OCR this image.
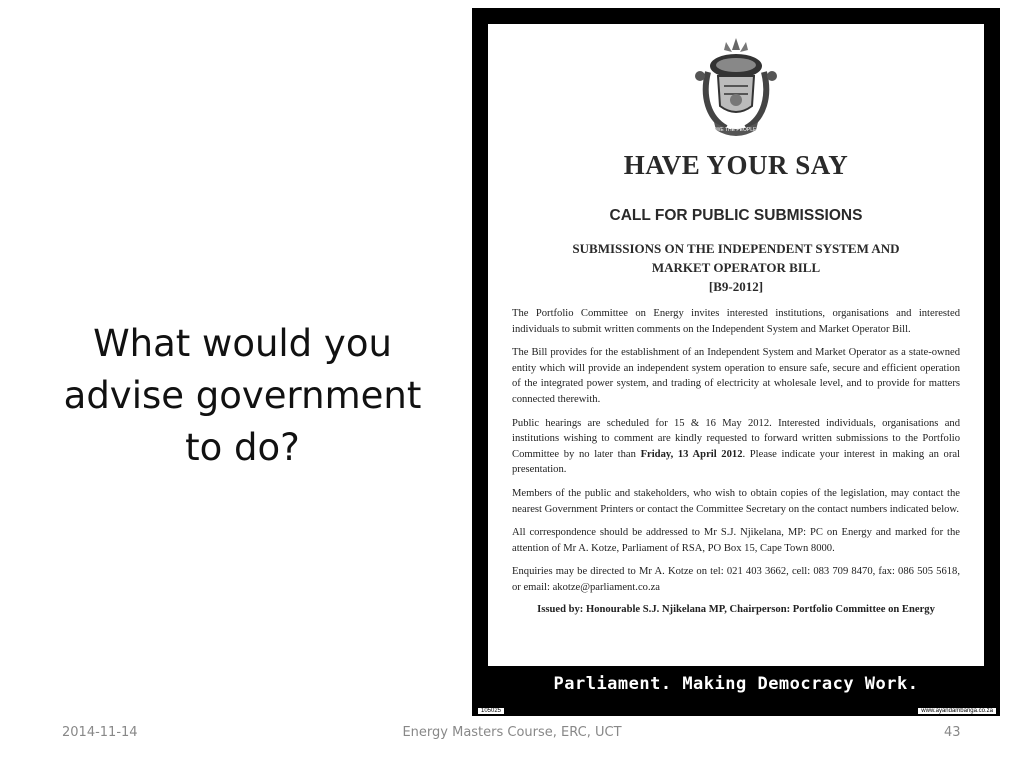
What would you
advise government
to do?
WE THE PEOPLE
HAVE YOUR SAY
CALL FOR PUBLIC SUBMISSIONS
SUBMISSIONS ON THE INDEPENDENT SYSTEM AND
MARKET OPERATOR BILL
[B9-2012]

The Portfolio Committee on Energy invites interested institutions, organisations and interested individuals to submit written comments on the Independent System and Market Operator Bill.

The Bill provides for the establishment of an Independent System and Market Operator as a state-owned entity which will provide an independent system operation to ensure safe, secure and efficient operation of the integrated power system, and trading of electricity at wholesale level, and to provide for matters connected therewith.

Public hearings are scheduled for 15 & 16 May 2012. Interested individuals, organisations and institutions wishing to comment are kindly requested to forward written submissions to the Portfolio Committee by no later than Friday, 13 April 2012. Please indicate your interest in making an oral presentation.

Members of the public and stakeholders, who wish to obtain copies of the legislation, may contact the nearest Government Printers or contact the Committee Secretary on the contact numbers indicated below.

All correspondence should be addressed to Mr S.J. Njikelana, MP: PC on Energy and marked for the attention of Mr A. Kotze, Parliament of RSA, PO Box 15, Cape Town 8000.

Enquiries may be directed to Mr A. Kotze on tel: 021 403 3662, cell: 083 709 8470, fax: 086 505 5618, or email: akotze@parliament.co.za

Issued by: Honourable S.J. Njikelana MP, Chairperson: Portfolio Committee on Energy
Parliament. Making Democracy Work.
105025	www.ayandambanga.co.za
2014-11-14	Energy Masters Course, ERC, UCT	43
